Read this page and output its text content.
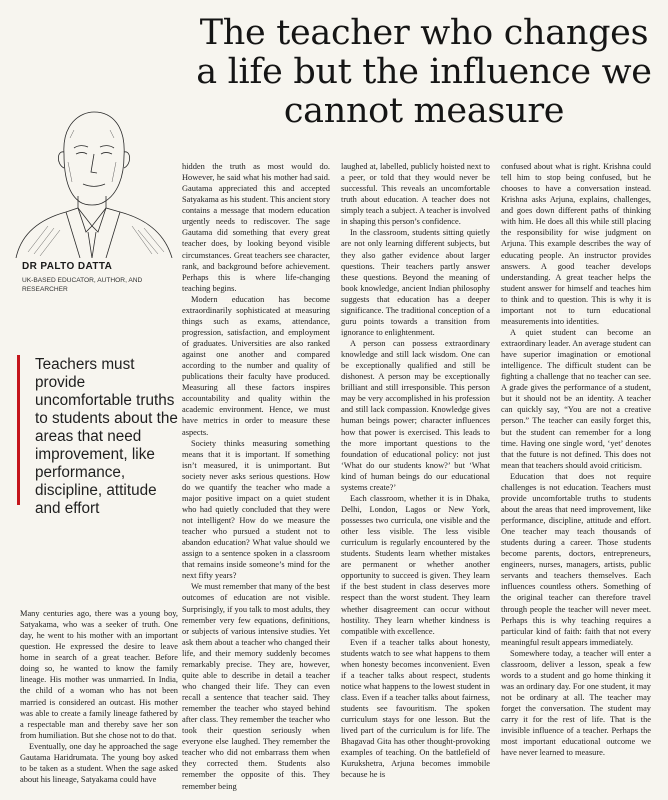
The teacher who changes a life but the influence we cannot measure
DR PALTO DATTA
UK-BASED EDUCATOR, AUTHOR, AND RESEARCHER
Teachers must provide uncomfortable truths to students about the areas that need improvement, like performance, discipline, attitude and effort

Many centuries ago, there was a young boy, Satyakama, who was a seeker of truth. One day, he went to his mother with an important question. He expressed the desire to leave home in search of a great teacher. Before doing so, he wanted to know the family lineage. His mother was unmarried. In India, the child of a woman who has not been married is considered an outcast. His mother was able to create a family lineage fathered by a respectable man and thereby save her son from humiliation. But she chose not to do that.

Eventually, one day he approached the sage Gautama Haridrumata. The young boy asked to be taken as a student. When the sage asked about his lineage, Satyakama could have

hidden the truth as most would do. However, he said what his mother had said. Gautama appreciated this and accepted Satyakama as his student. This ancient story contains a message that modern education urgently needs to rediscover. The sage Gautama did something that every great teacher does, by looking beyond visible circumstances. Great teachers see character, rank, and background before achievement. Perhaps this is where life-changing teaching begins.

Modern education has become extraordinarily sophisticated at measuring things such as exams, attendance, progression, satisfaction, and employment of graduates. Universities are also ranked against one another and compared according to the number and quality of publications their faculty have produced. Measuring all these factors inspires accountability and quality within the academic environment. Hence, we must have metrics in order to measure these aspects.

Society thinks measuring something means that it is important. If something isn’t measured, it is unimportant. But society never asks serious questions. How do we quantify the teacher who made a major positive impact on a quiet student who had quietly concluded that they were not intelligent? How do we measure the teacher who pursued a student not to abandon education? What value should we assign to a sentence spoken in a classroom that remains inside someone’s mind for the next fifty years?

We must remember that many of the best outcomes of education are not visible. Surprisingly, if you talk to most adults, they remember very few equations, definitions, or subjects of various intensive studies. Yet ask them about a teacher who changed their life, and their memory suddenly becomes remarkably precise. They are, however, quite able to describe in detail a teacher who changed their life. They can even recall a sentence that teacher said. They remember the teacher who stayed behind after class. They remember the teacher who took their question seriously when everyone else laughed. They remember the teacher who did not embarrass them when they corrected them. Students also remember the opposite of this. They remember being

laughed at, labelled, publicly hoisted next to a peer, or told that they would never be successful. This reveals an uncomfortable truth about education. A teacher does not simply teach a subject. A teacher is involved in shaping this person’s confidence.

In the classroom, students sitting quietly are not only learning different subjects, but they also gather evidence about larger questions. Their teachers partly answer these questions. Beyond the meaning of book knowledge, ancient Indian philosophy suggests that education has a deeper significance. The traditional conception of a guru points towards a transition from ignorance to enlightenment.

A person can possess extraordinary knowledge and still lack wisdom. One can be exceptionally qualified and still be dishonest. A person may be exceptionally brilliant and still irresponsible. This person may be very accomplished in his profession and still lack compassion. Knowledge gives human beings power; character influences how that power is exercised. This leads to the more important questions to the foundation of educational policy: not just ‘What do our students know?’ but ‘What kind of human beings do our educational systems create?’

Each classroom, whether it is in Dhaka, Delhi, London, Lagos or New York, possesses two curricula, one visible and the other less visible. The less visible curriculum is regularly encountered by the students. Students learn whether mistakes are permanent or whether another opportunity to succeed is given. They learn if the best student in class deserves more respect than the worst student. They learn whether disagreement can occur without hostility. They learn whether kindness is compatible with excellence.

Even if a teacher talks about honesty, students watch to see what happens to them when honesty becomes inconvenient. Even if a teacher talks about respect, students notice what happens to the lowest student in class. Even if a teacher talks about fairness, students see favouritism. The spoken curriculum stays for one lesson. But the lived part of the curriculum is for life. The Bhagavad Gita has other thought-provoking examples of teaching. On the battlefield of Kurukshetra, Arjuna becomes immobile because he is

confused about what is right. Krishna could tell him to stop being confused, but he chooses to have a conversation instead. Krishna asks Arjuna, explains, challenges, and goes down different paths of thinking with him. He does all this while still placing the responsibility for wise judgment on Arjuna. This example describes the way of educating people. An instructor provides answers. A good teacher develops understanding. A great teacher helps the student answer for himself and teaches him to think and to question. This is why it is important not to turn educational measurements into identities.

A quiet student can become an extraordinary leader. An average student can have superior imagination or emotional intelligence. The difficult student can be fighting a challenge that no teacher can see. A grade gives the performance of a student, but it should not be an identity. A teacher can quickly say, “You are not a creative person.” The teacher can easily forget this, but the student can remember for a long time. Having one single word, ‘yet’ denotes that the future is not defined. This does not mean that teachers should avoid criticism.

Education that does not require challenges is not education. Teachers must provide uncomfortable truths to students about the areas that need improvement, like performance, discipline, attitude and effort. One teacher may teach thousands of students during a career. Those students become parents, doctors, entrepreneurs, engineers, nurses, managers, artists, public servants and teachers themselves. Each influences countless others. Something of the original teacher can therefore travel through people the teacher will never meet. Perhaps this is why teaching requires a particular kind of faith: faith that not every meaningful result appears immediately.

Somewhere today, a teacher will enter a classroom, deliver a lesson, speak a few words to a student and go home thinking it was an ordinary day. For one student, it may not be ordinary at all. The teacher may forget the conversation. The student may carry it for the rest of life. That is the invisible influence of a teacher. Perhaps the most important educational outcome we have never learned to measure.
